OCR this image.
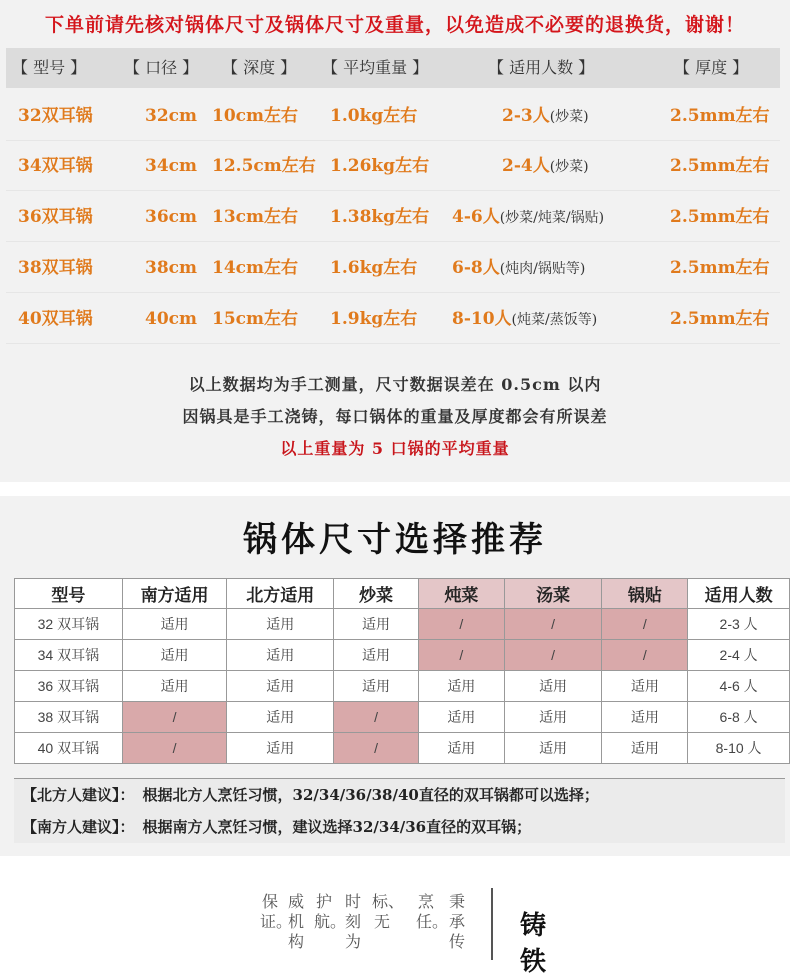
下单前请先核对锅体尺寸及锅体尺寸及重量，以免造成不必要的退换货，谢谢！
【 型号 】 【 口径 】 【 深度 】 【 平均重量 】	【 适用人数 】	【 厚度 】
32双耳锅	32cm 10cm左右 1.0kg左右	2-3人(炒菜)	2.5mm左右
34双耳锅	34cm 12.5cm左右 1.26kg左右	2-4人(炒菜)	2.5mm左右
36双耳锅	36cm 13cm左右 1.38kg左右 4-6人(炒菜/炖菜/锅贴)	2.5mm左右
38双耳锅	38cm 14cm左右 1.6kg左右 6-8人(炖肉/锅贴等)	2.5mm左右
40双耳锅	40cm 15cm左右 1.9kg左右 8-10人(炖菜/蒸饭等)	2.5mm左右
以上数据均为手工测量，尺寸数据误差在 0.5cm 以内
因锅具是手工浇铸，每口锅体的重量及厚度都会有所误差
以上重量为 5 口锅的平均重量
锅体尺寸选择推荐
型号	南方适用	北方适用	炒菜	炖菜	汤菜	锅贴	适用人数
32 双耳锅	适用	适用	适用	/	/	/	2-3 人
34 双耳锅	适用	适用	适用	/	/	/	2-4 人
36 双耳锅	适用	适用	适用	适用	适用	适用	4-6 人
38 双耳锅	/	适用	/	适用	适用	适用	6-8 人
40 双耳锅	/	适用	/	适用	适用	适用	8-10 人
【北方人建议】： 根据北方人烹饪习惯，32/34/36/38/40直径的双耳锅都可以选择；
【南方人建议】： 根据南方人烹饪习惯，建议选择32/34/36直径的双耳锅；
保证。
威机构
护航。
时刻为
标、无
烹任。
秉承传
铸铁
